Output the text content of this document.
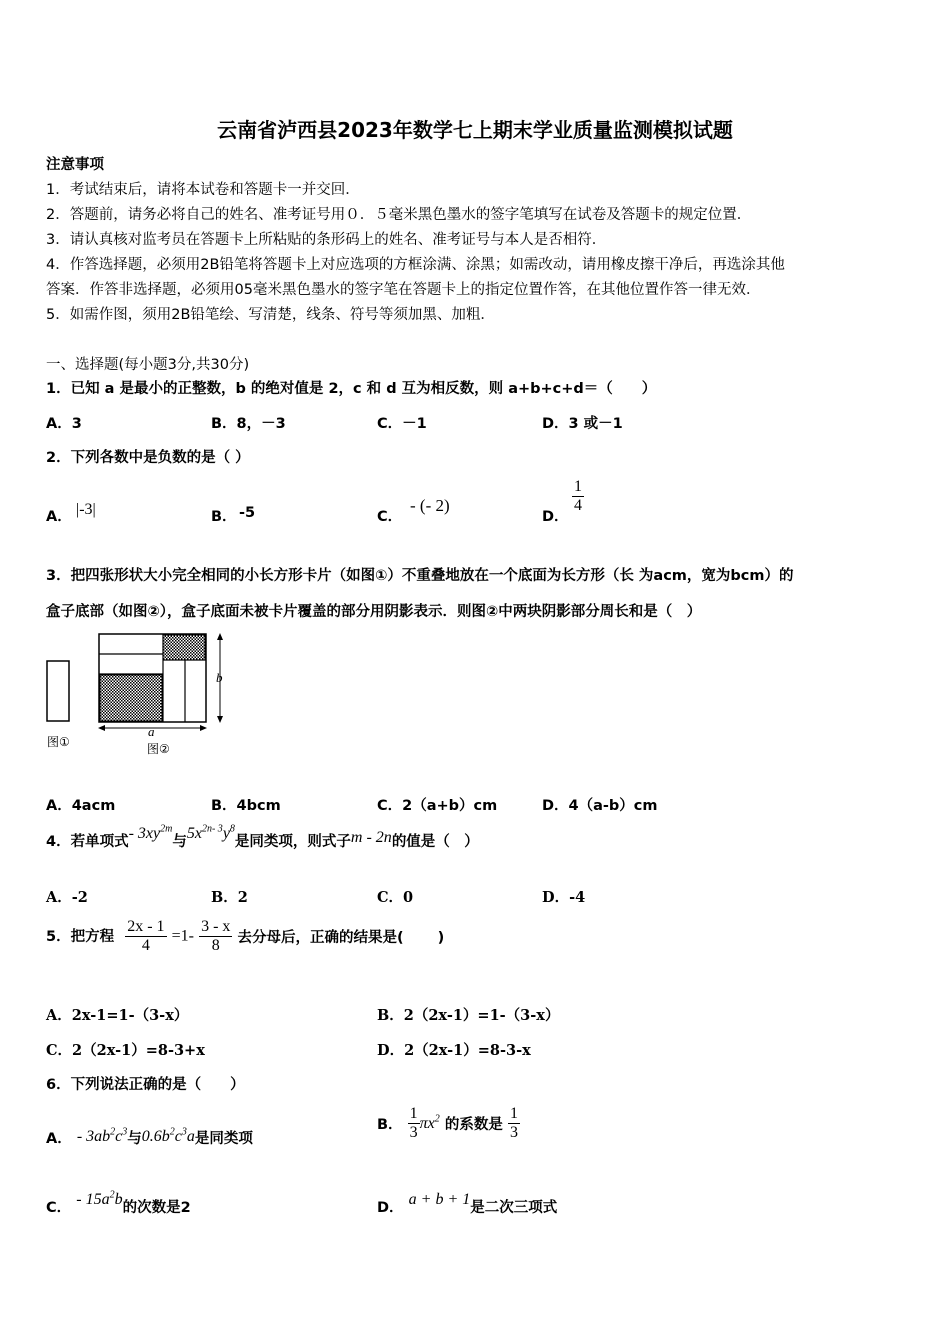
云南省泸西县2023年数学七上期末学业质量监测模拟试题
注意事项
1．考试结束后，请将本试卷和答题卡一并交回．
2．答题前，请务必将自己的姓名、准考证号用０．５毫米黑色墨水的签字笔填写在试卷及答题卡的规定位置．
3．请认真核对监考员在答题卡上所粘贴的条形码上的姓名、准考证号与本人是否相符．
4．作答选择题，必须用2B铅笔将答题卡上对应选项的方框涂满、涂黑；如需改动，请用橡皮擦干净后，再选涂其他
答案．作答非选择题，必须用05毫米黑色墨水的签字笔在答题卡上的指定位置作答，在其他位置作答一律无效．
5．如需作图，须用2B铅笔绘、写清楚，线条、符号等须加黑、加粗．
一、选择题(每小题3分,共30分)
1．已知 a 是最小的正整数，b 的绝对值是 2，c 和 d 互为相反数，则 a+b+c+d＝（　　）
A．3	B．8，－3	C．－1	D．3 或－1
2．下列各数中是负数的是（ ）
A． |-3|	B． -5	C．
- (- 2)
D．
$\frac{1}{4}$
3．把四张形状大小完全相同的小长方形卡片（如图①）不重叠地放在一个底面为长方形（长 为acm，宽为bcm）的
盒子底部（如图②），盒子底面未被卡片覆盖的部分用阴影表示．则图②中两块阴影部分周长和是（　）
b
a
图①	图②
A．4acm	B．4bcm	C．2（a+b）cm	D．4（a-b）cm
4．若单项式- $3xy^{2m}$与$5x^{2n- 3}y^8$是同类项，则式子m - 2n的值是（　）
A．-2	B．2	C．0	D．-4
5．把方程 $\frac{2x - 1}{4} =1- \frac{3 - x}{8}$ 去分母后，正确的结果是(　　 )
A．2x-1=1-（3-x）	B．2（2x-1）=1-（3-x）
C．2（2x-1）=8-3+x	D．2（2x-1）=8-3-x
6．下列说法正确的是（　　）
A． - $3ab^2c^3$与$0.6b^2c^3a$是同类项
B． $\frac{1}{3} \pi x^2$ 的系数是 $\frac{1}{3}$
C． - $15a^2b$的次数是2	D． a + b + 1是二次三项式
